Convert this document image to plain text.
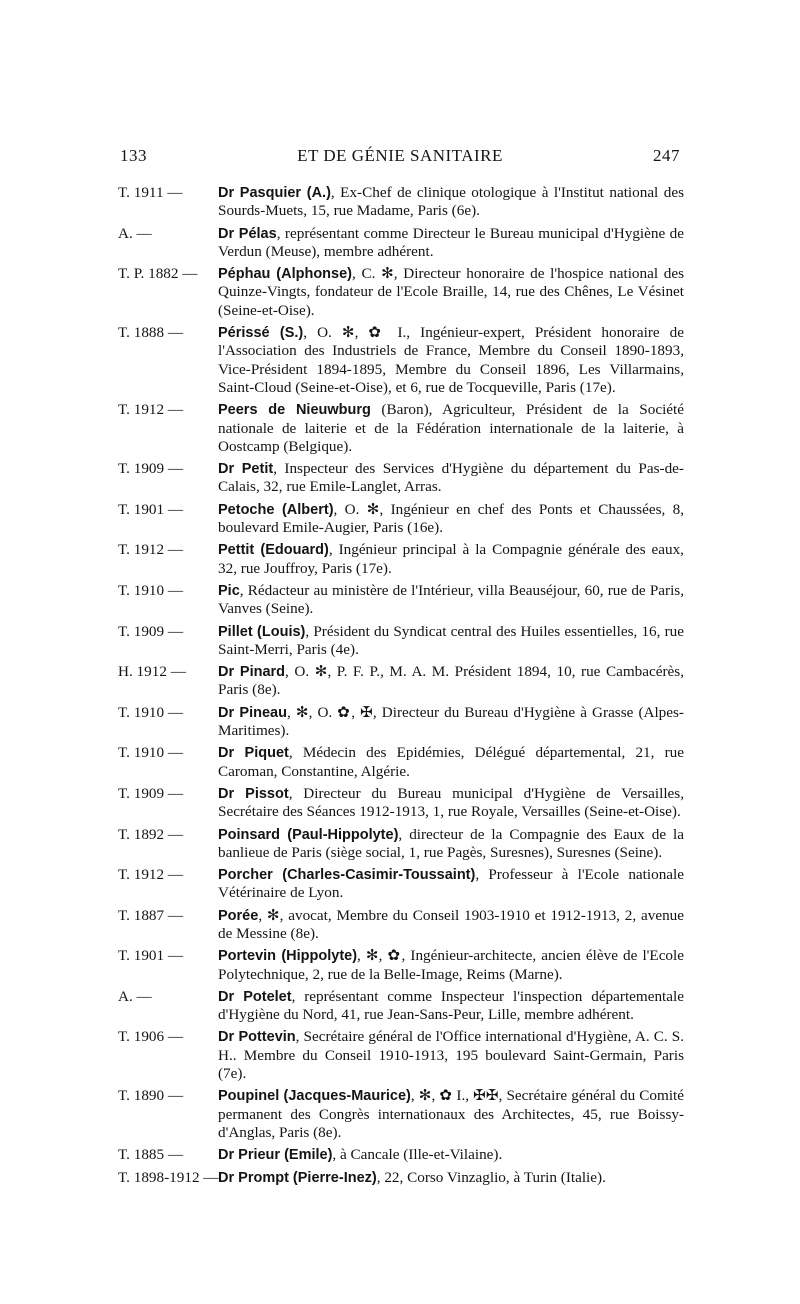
133	ET DE GÉNIE SANITAIRE	247
T. 1911 — Dr Pasquier (A.), Ex-Chef de clinique otologique à l'Institut national des Sourds-Muets, 15, rue Madame, Paris (6e).
A. —	Dr Pélas, représentant comme Directeur le Bureau municipal d'Hygiène de Verdun (Meuse), membre adhérent.
T. P. 1882 — Péphau (Alphonse), C. ✻, Directeur honoraire de l'hospice national des Quinze-Vingts, fondateur de l'Ecole Braille, 14, rue des Chênes, Le Vésinet (Seine-et-Oise).
T. 1888 — Périssé (S.), O. ✻, ✿ I., Ingénieur-expert, Président honoraire de l'Association des Industriels de France, Membre du Conseil 1890-1893, Vice-Président 1894-1895, Membre du Conseil 1896, Les Villarmains, Saint-Cloud (Seine-et-Oise), et 6, rue de Tocqueville, Paris (17e).
T. 1912 — Peers de Nieuwburg (Baron), Agriculteur, Président de la Société nationale de laiterie et de la Fédération internationale de la laiterie, à Oostcamp (Belgique).
T. 1909 — Dr Petit, Inspecteur des Services d'Hygiène du département du Pas-de-Calais, 32, rue Emile-Langlet, Arras.
T. 1901 — Petoche (Albert), O. ✻, Ingénieur en chef des Ponts et Chaussées, 8, boulevard Emile-Augier, Paris (16e).
T. 1912 — Pettit (Edouard), Ingénieur principal à la Compagnie générale des eaux, 32, rue Jouffroy, Paris (17e).
T. 1910 — Pic, Rédacteur au ministère de l'Intérieur, villa Beauséjour, 60, rue de Paris, Vanves (Seine).
T. 1909 — Pillet (Louis), Président du Syndicat central des Huiles essentielles, 16, rue Saint-Merri, Paris (4e).
H. 1912 — Dr Pinard, O. ✻, P. F. P., M. A. M. Président 1894, 10, rue Cambacérès, Paris (8e).
T. 1910 — Dr Pineau, ✻, O. ✿, ✠, Directeur du Bureau d'Hygiène à Grasse (Alpes-Maritimes).
T. 1910 — Dr Piquet, Médecin des Epidémies, Délégué départemental, 21, rue Caroman, Constantine, Algérie.
T. 1909 — Dr Pissot, Directeur du Bureau municipal d'Hygiène de Versailles, Secrétaire des Séances 1912-1913, 1, rue Royale, Versailles (Seine-et-Oise).
T. 1892 — Poinsard (Paul-Hippolyte), directeur de la Compagnie des Eaux de la banlieue de Paris (siège social, 1, rue Pagès, Suresnes), Suresnes (Seine).
T. 1912 — Porcher (Charles-Casimir-Toussaint), Professeur à l'Ecole nationale Vétérinaire de Lyon.
T. 1887 — Porée, ✻, avocat, Membre du Conseil 1903-1910 et 1912-1913, 2, avenue de Messine (8e).
T. 1901 — Portevin (Hippolyte), ✻, ✿, Ingénieur-architecte, ancien élève de l'Ecole Polytechnique, 2, rue de la Belle-Image, Reims (Marne).
A. —	Dr Potelet, représentant comme Inspecteur l'inspection départementale d'Hygiène du Nord, 41, rue Jean-Sans-Peur, Lille, membre adhérent.
T. 1906 — Dr Pottevin, Secrétaire général de l'Office international d'Hygiène, A. C. S. H.. Membre du Conseil 1910-1913, 195 boulevard Saint-Germain, Paris (7e).
T. 1890 — Poupinel (Jacques-Maurice), ✻, ✿ I., ✠✠, Secrétaire général du Comité permanent des Congrès internationaux des Architectes, 45, rue Boissy-d'Anglas, Paris (8e).
T. 1885 — Dr Prieur (Emile), à Cancale (Ille-et-Vilaine).
T. 1898-1912 — Dr Prompt (Pierre-Inez), 22, Corso Vinzaglio, à Turin (Italie).
